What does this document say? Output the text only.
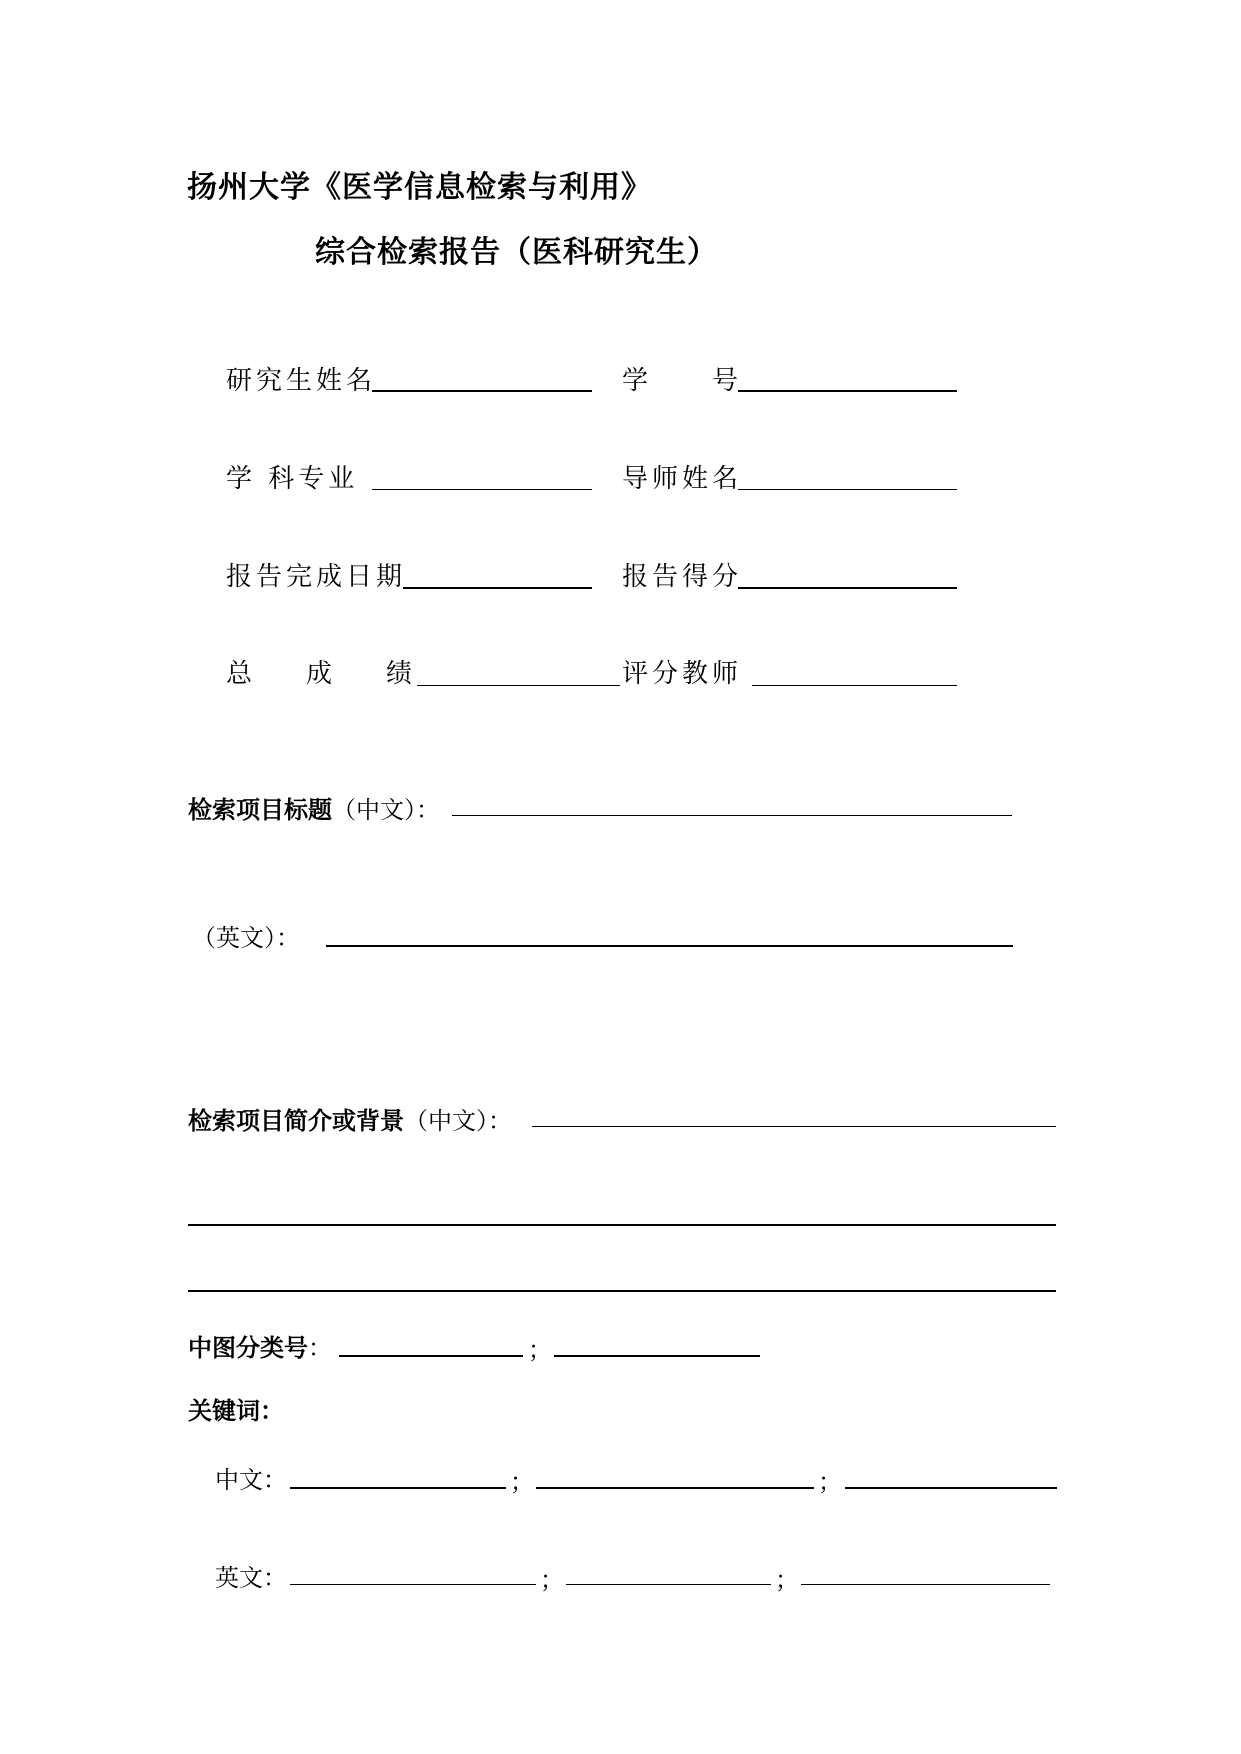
扬州大学《医学信息检索与利用》
综合检索报告（医科研究生）
研究生姓名	学　　号
学 科专业	导师姓名
报告完成日期	报告得分
总　成　绩	评分教师
检索项目标题（中文）：
（英文）：
检索项目简介或背景（中文）：
中图分类号：	；
关键词：
中文：	；	；
英文：	；	；
